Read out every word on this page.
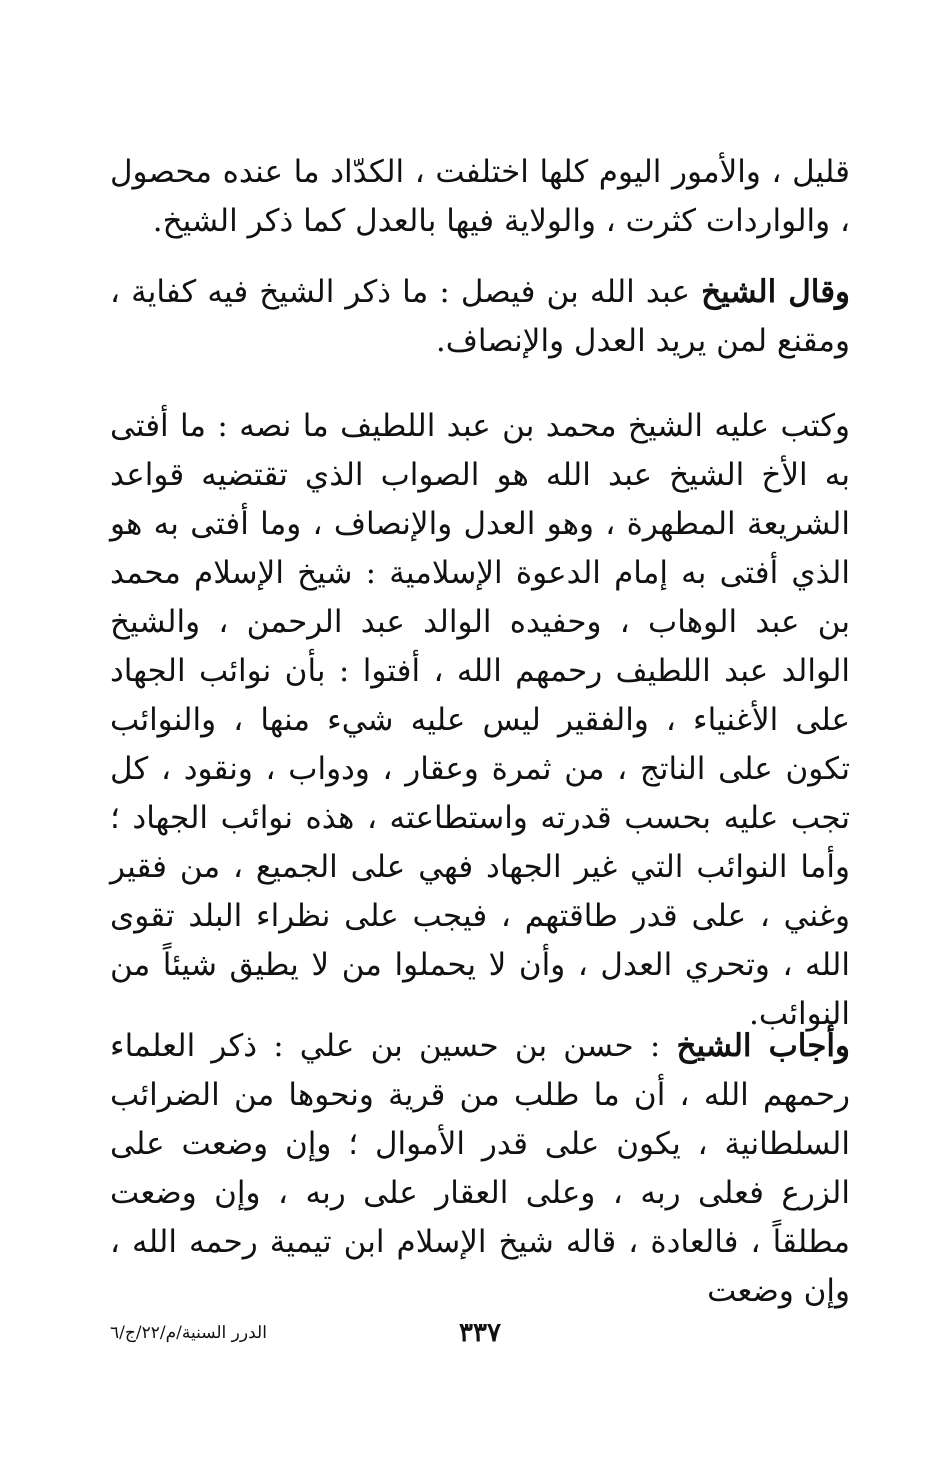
قليل ، والأمور اليوم كلها اختلفت ، الكدّاد ما عنده محصول ، والواردات كثرت ، والولاية فيها بالعدل كما ذكر الشيخ.

وقال الشيخ عبد الله بن فيصل : ما ذكر الشيخ فيه كفاية ، ومقنع لمن يريد العدل والإنصاف.

وكتب عليه الشيخ محمد بن عبد اللطيف ما نصه : ما أفتى به الأخ الشيخ عبد الله هو الصواب الذي تقتضيه قواعد الشريعة المطهرة ، وهو العدل والإنصاف ، وما أفتى به هو الذي أفتى به إمام الدعوة الإسلامية : شيخ الإسلام محمد بن عبد الوهاب ، وحفيده الوالد عبد الرحمن ، والشيخ الوالد عبد اللطيف رحمهم الله ، أفتوا : بأن نوائب الجهاد على الأغنياء ، والفقير ليس عليه شيء منها ، والنوائب تكون على الناتج ، من ثمرة وعقار ، ودواب ، ونقود ، كل تجب عليه بحسب قدرته واستطاعته ، هذه نوائب الجهاد ؛ وأما النوائب التي غير الجهاد فهي على الجميع ، من فقير وغني ، على قدر طاقتهم ، فيجب على نظراء البلد تقوى الله ، وتحري العدل ، وأن لا يحملوا من لا يطيق شيئاً من النوائب.

وأجاب الشيخ : حسن بن حسين بن علي : ذكر العلماء رحمهم الله ، أن ما طلب من قرية ونحوها من الضرائب السلطانية ، يكون على قدر الأموال ؛ وإن وضعت على الزرع فعلى ربه ، وعلى العقار على ربه ، وإن وضعت مطلقاً ، فالعادة ، قاله شيخ الإسلام ابن تيمية رحمه الله ، وإن وضعت

الدرر السنية/م/٢٢/ج/٦	٣٣٧
